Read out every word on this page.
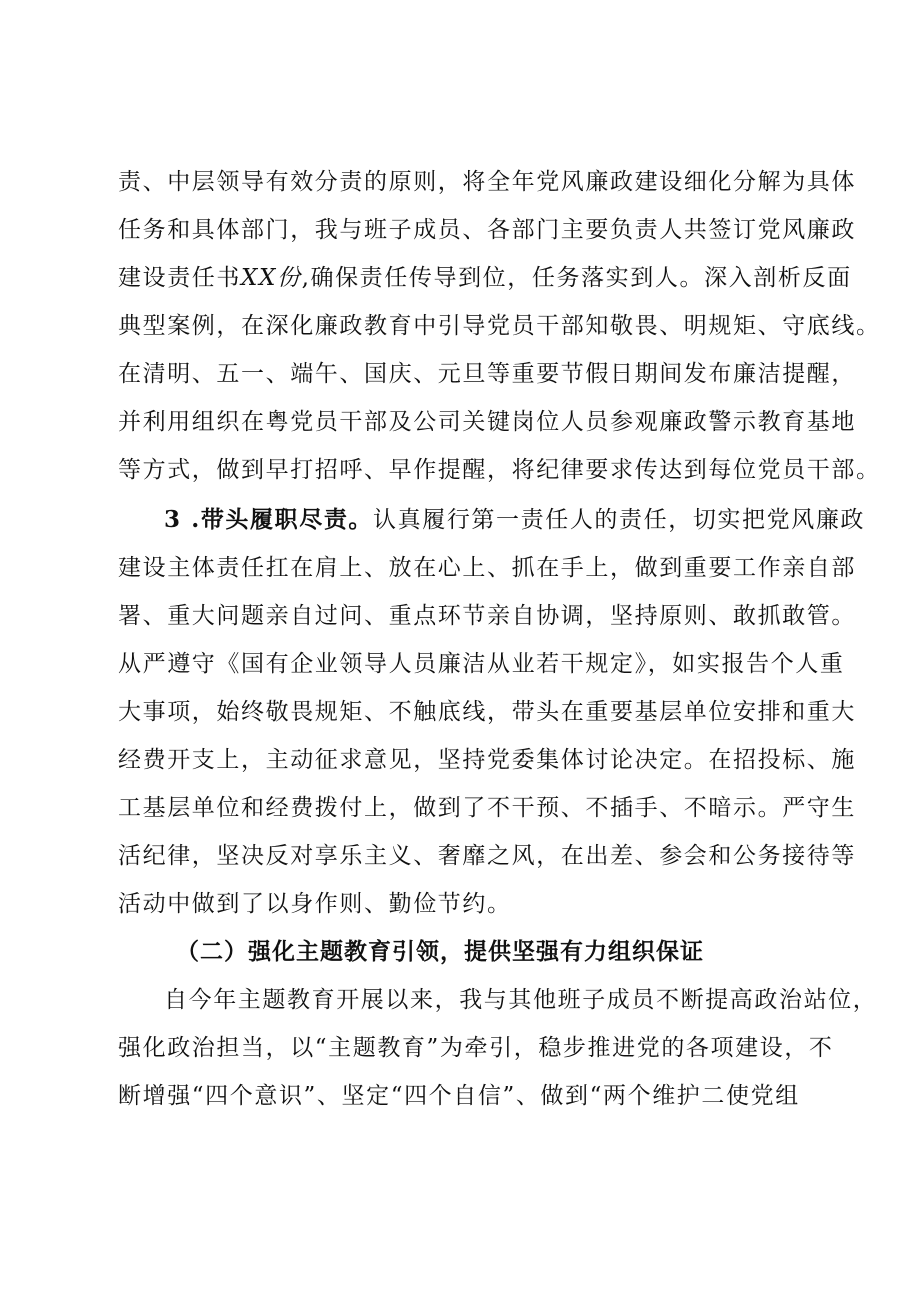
责、中层领导有效分责的原则，将全年党风廉政建设细化分解为具体
任务和具体部门，我与班子成员、各部门主要负责人共签订党风廉政
建设责任书XX份,确保责任传导到位，任务落实到人。深入剖析反面
典型案例，在深化廉政教育中引导党员干部知敬畏、明规矩、守底线。
在清明、五一、端午、国庆、元旦等重要节假日期间发布廉洁提醒，
并利用组织在粤党员干部及公司关键岗位人员参观廉政警示教育基地
等方式，做到早打招呼、早作提醒，将纪律要求传达到每位党员干部。
3 .带头履职尽责。认真履行第一责任人的责任，切实把党风廉政
建设主体责任扛在肩上、放在心上、抓在手上，做到重要工作亲自部
署、重大问题亲自过问、重点环节亲自协调，坚持原则、敢抓敢管。
从严遵守《国有企业领导人员廉洁从业若干规定》，如实报告个人重
大事项，始终敬畏规矩、不触底线，带头在重要基层单位安排和重大
经费开支上，主动征求意见，坚持党委集体讨论决定。在招投标、施
工基层单位和经费拨付上，做到了不干预、不插手、不暗示。严守生
活纪律，坚决反对享乐主义、奢靡之风，在出差、参会和公务接待等
活动中做到了以身作则、勤俭节约。
（二）强化主题教育引领，提供坚强有力组织保证
自今年主题教育开展以来，我与其他班子成员不断提高政治站位，
强化政治担当，以“主题教育”为牵引，稳步推进党的各项建设，不
断增强“四个意识”、坚定“四个自信”、做到“两个维护二使党组
